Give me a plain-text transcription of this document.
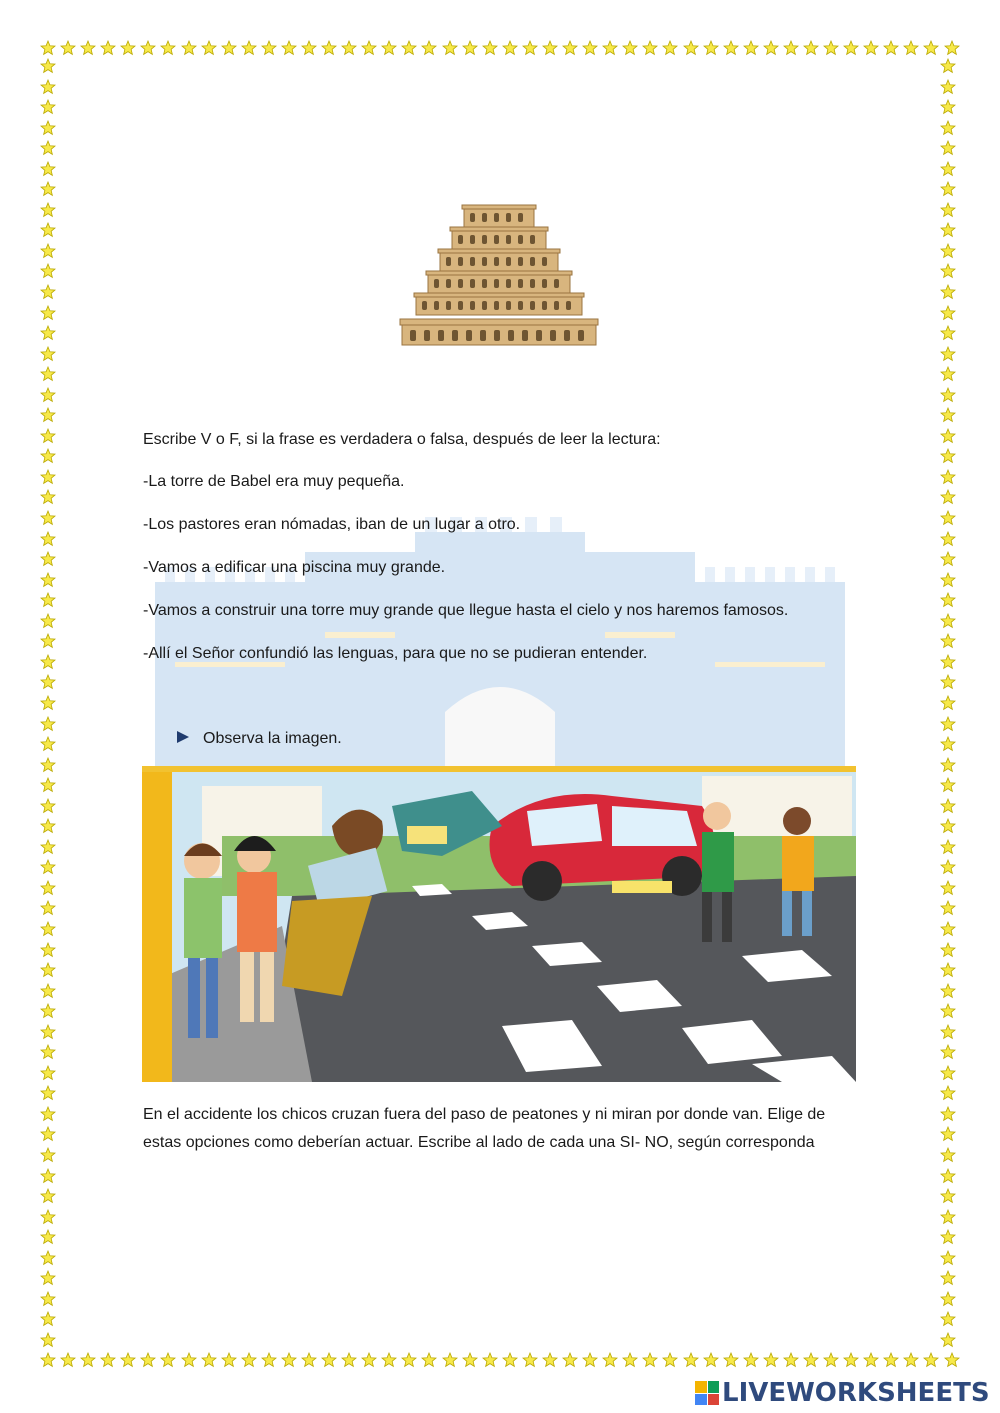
Escribe V o F, si la frase es verdadera o falsa, después de leer la lectura:
-La torre de Babel era muy pequeña.
-Los pastores eran nómadas, iban de un lugar a otro.
-Vamos a edificar una piscina muy grande.
-Vamos a construir una torre muy grande que llegue hasta el cielo y nos haremos famosos.
-Allí el Señor confundió las lenguas, para que no se pudieran entender.
Observa la imagen.
En el accidente los chicos cruzan fuera del paso de peatones y ni miran por donde van. Elige de
estas opciones como deberían actuar. Escribe al lado de cada una SI- NO, según corresponda
LIVEWORKSHEETS
